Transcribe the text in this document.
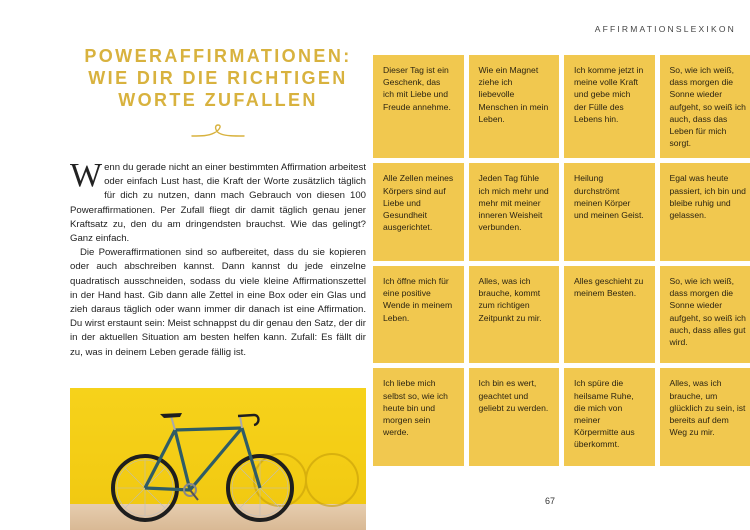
AFFIRMATIONSLEXIKON
POWERAFFIRMATIONEN:
WIE DIR DIE RICHTIGEN
WORTE ZUFALLEN

Wenn du gerade nicht an einer bestimmten Affirmation arbeitest oder einfach Lust hast, die Kraft der Worte zusätzlich täglich für dich zu nutzen, dann mach Gebrauch von diesen 100 Poweraffirmationen. Per Zufall fliegt dir damit täglich genau jener Kraftsatz zu, den du am dringendsten brauchst. Wie das gelingt? Ganz einfach.

Die Poweraffirmationen sind so aufbereitet, dass du sie kopieren oder auch abschreiben kannst. Dann kannst du jede einzelne quadratisch ausschneiden, sodass du viele kleine Affirmationszettel in der Hand hast. Gib dann alle Zettel in eine Box oder ein Glas und zieh daraus täglich oder wann immer dir danach ist eine Affirmation. Du wirst erstaunt sein: Meist schnappst du dir genau den Satz, der dir in der aktuellen Situation am besten helfen kann. Zufall: Es fällt dir zu, was in deinem Leben gerade fällig ist.

Dieser Tag ist ein Geschenk, das ich mit Liebe und Freude annehme.
Wie ein Magnet ziehe ich liebevolle Menschen in mein Leben.
Ich komme jetzt in meine volle Kraft und gebe mich der Fülle des Lebens hin.
So, wie ich weiß, dass morgen die Sonne wieder aufgeht, so weiß ich auch, dass das Leben für mich sorgt.
Alle Zellen meines Körpers sind auf Liebe und Gesundheit ausgerichtet.
Jeden Tag fühle ich mich mehr und mehr mit meiner inneren Weisheit verbunden.
Heilung durchströmt meinen Körper und meinen Geist.
Egal was heute passiert, ich bin und bleibe ruhig und gelassen.
Ich öffne mich für eine positive Wende in meinem Leben.
Alles, was ich brauche, kommt zum richtigen Zeitpunkt zu mir.
Alles geschieht zu meinem Besten.
So, wie ich weiß, dass morgen die Sonne wieder aufgeht, so weiß ich auch, dass alles gut wird.
Ich liebe mich selbst so, wie ich heute bin und morgen sein werde.
Ich bin es wert, geachtet und geliebt zu werden.
Ich spüre die heilsame Ruhe, die mich von meiner Körpermitte aus überkommt.
Alles, was ich brauche, um glücklich zu sein, ist bereits auf dem Weg zu mir.
67
